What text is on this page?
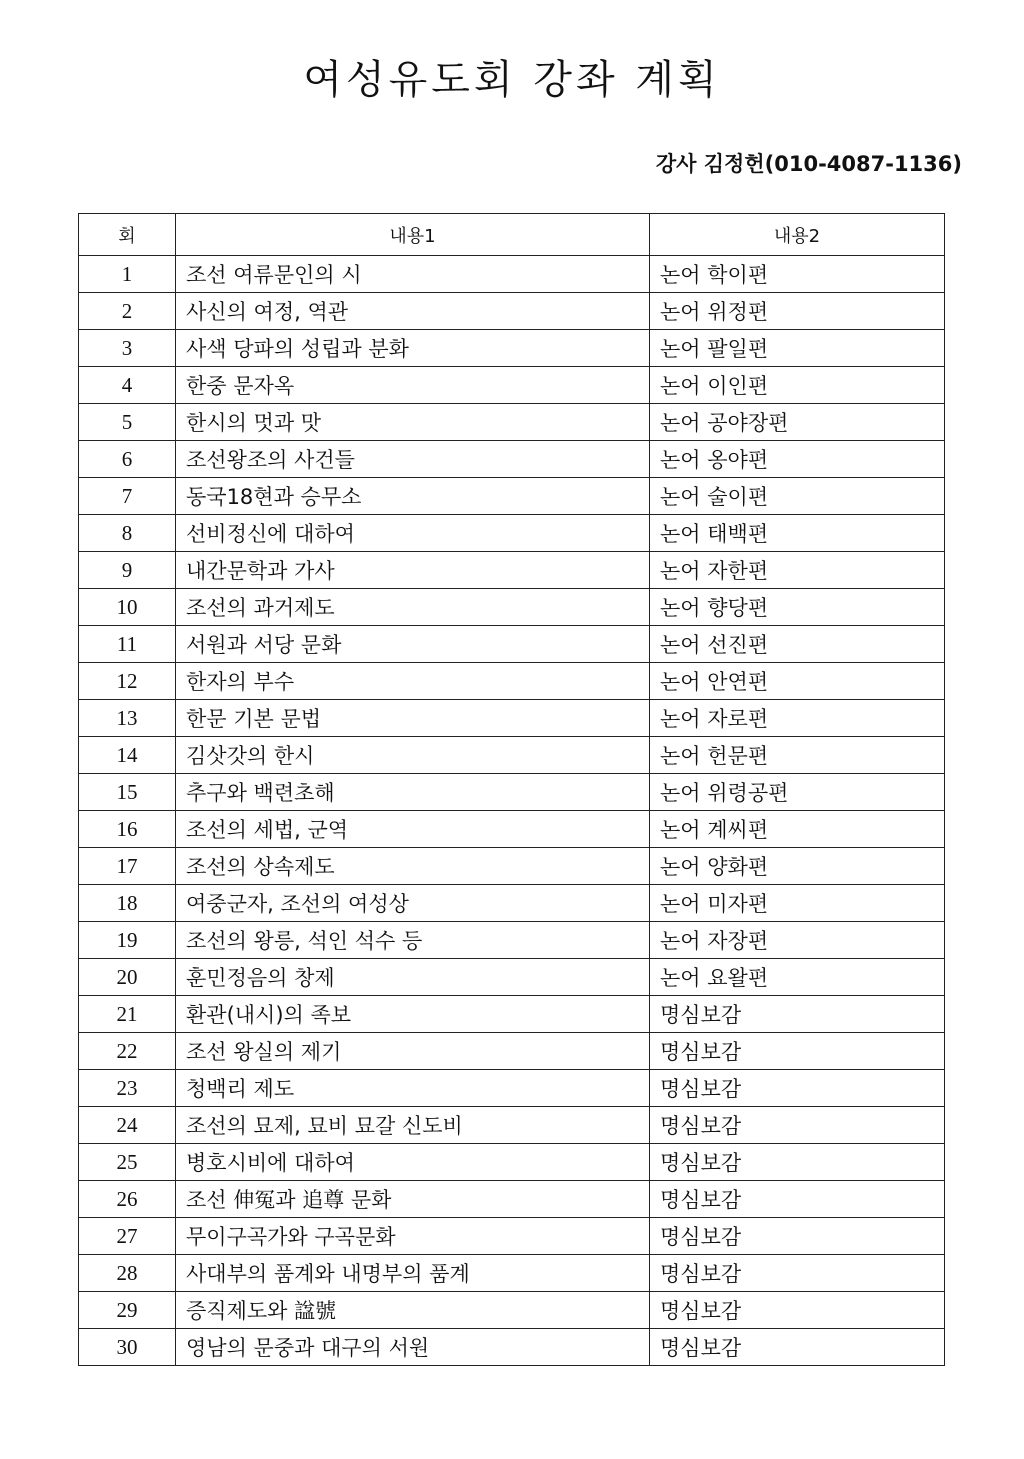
여성유도회 강좌 계획
강사 김정헌(010-4087-1136)
회	내용1	내용2
1	조선 여류문인의 시	논어 학이편
2	사신의 여정, 역관	논어 위정편
3	사색 당파의 성립과 분화	논어 팔일편
4	한중 문자옥	논어 이인편
5	한시의 멋과 맛	논어 공야장편
6	조선왕조의 사건들	논어 옹야편
7	동국18현과 승무소	논어 술이편
8	선비정신에 대하여	논어 태백편
9	내간문학과 가사	논어 자한편
10	조선의 과거제도	논어 향당편
11	서원과 서당 문화	논어 선진편
12	한자의 부수	논어 안연편
13	한문 기본 문법	논어 자로편
14	김삿갓의 한시	논어 헌문편
15	추구와 백련초해	논어 위령공편
16	조선의 세법, 군역	논어 계씨편
17	조선의 상속제도	논어 양화편
18	여중군자, 조선의 여성상	논어 미자편
19	조선의 왕릉, 석인 석수 등	논어 자장편
20	훈민정음의 창제	논어 요왈편
21	환관(내시)의 족보	명심보감
22	조선 왕실의 제기	명심보감
23	청백리 제도	명심보감
24	조선의 묘제, 묘비 묘갈 신도비	명심보감
25	병호시비에 대하여	명심보감
26	조선 伸冤과 追尊 문화	명심보감
27	무이구곡가와 구곡문화	명심보감
28	사대부의 품계와 내명부의 품계	명심보감
29	증직제도와 諡號	명심보감
30	영남의 문중과 대구의 서원	명심보감
